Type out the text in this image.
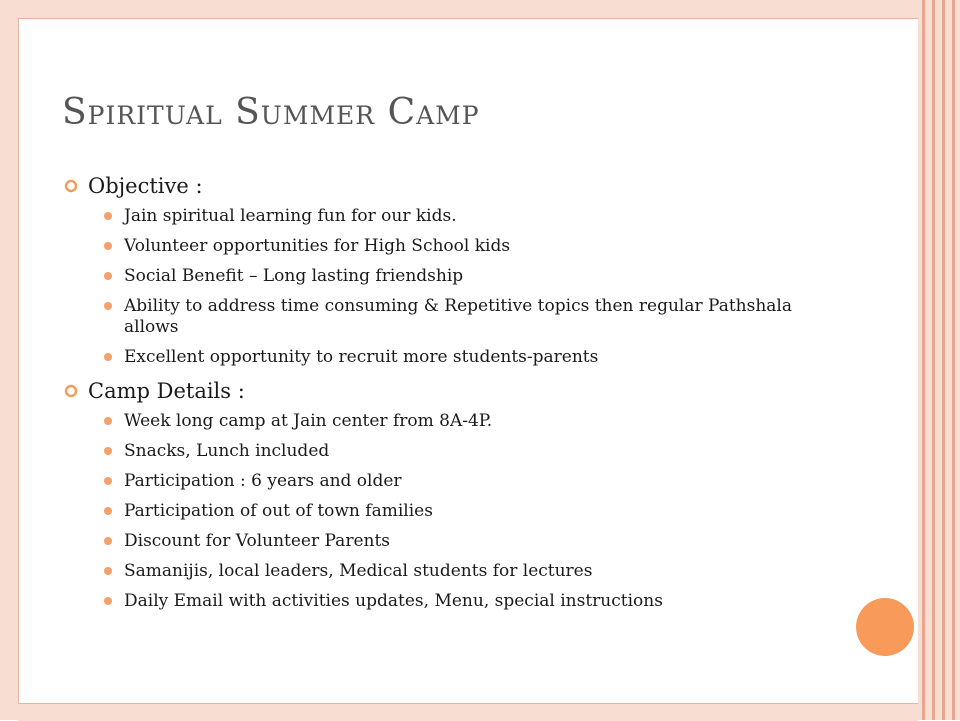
Spiritual Summer Camp
Objective :
Jain spiritual learning fun for our kids.
Volunteer opportunities for High School kids
Social Benefit – Long lasting friendship
Ability to address time consuming & Repetitive topics then regular Pathshala allows
Excellent opportunity to recruit more students-parents
Camp Details :
Week long camp at Jain center from 8A-4P.
Snacks, Lunch included
Participation : 6 years and older
Participation of out of town families
Discount for Volunteer Parents
Samanijis, local leaders, Medical students for lectures
Daily Email with activities updates, Menu, special instructions
